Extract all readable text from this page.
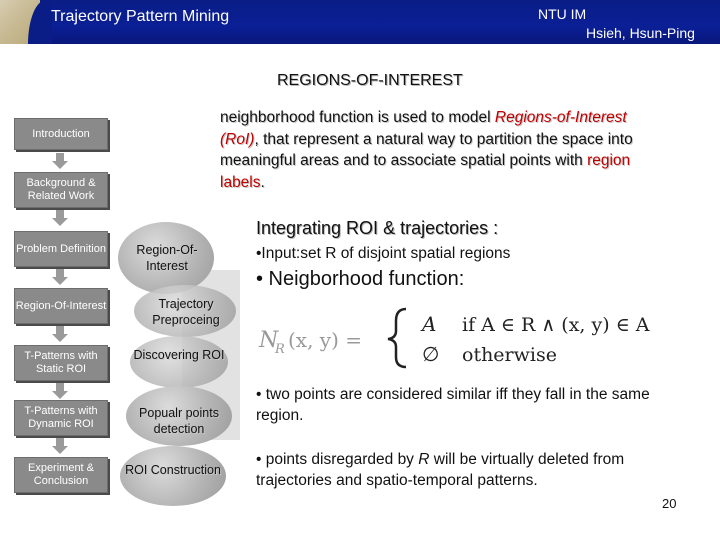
Trajectory Pattern Mining	NTU IM
Hsieh, Hsun-Ping
REGIONS-OF-INTEREST
neighborhood function is used to model Regions-of-Interest (RoI), that represent a natural way to partition the space into meaningful areas and to associate spatial points with region labels.
Introduction
Background & Related Work
Problem Definition
Region-Of-Interest
T-Patterns with Static ROI
T-Patterns with Dynamic ROI
Experiment & Conclusion
Region-Of-Interest
Trajectory Preproceing
Discovering ROI
Popualr points detection
ROI Construction
Integrating ROI & trajectories :
•Input:set R of disjoint spatial regions
• Neigborhood function:
N
R (x, y) =
A if A ∈ R ∧ (x, y) ∈ A
∅ otherwise
• two points are considered similar iff they fall in the same region.
• points disregarded by R will be virtually deleted from trajectories and spatio-temporal patterns.
20
